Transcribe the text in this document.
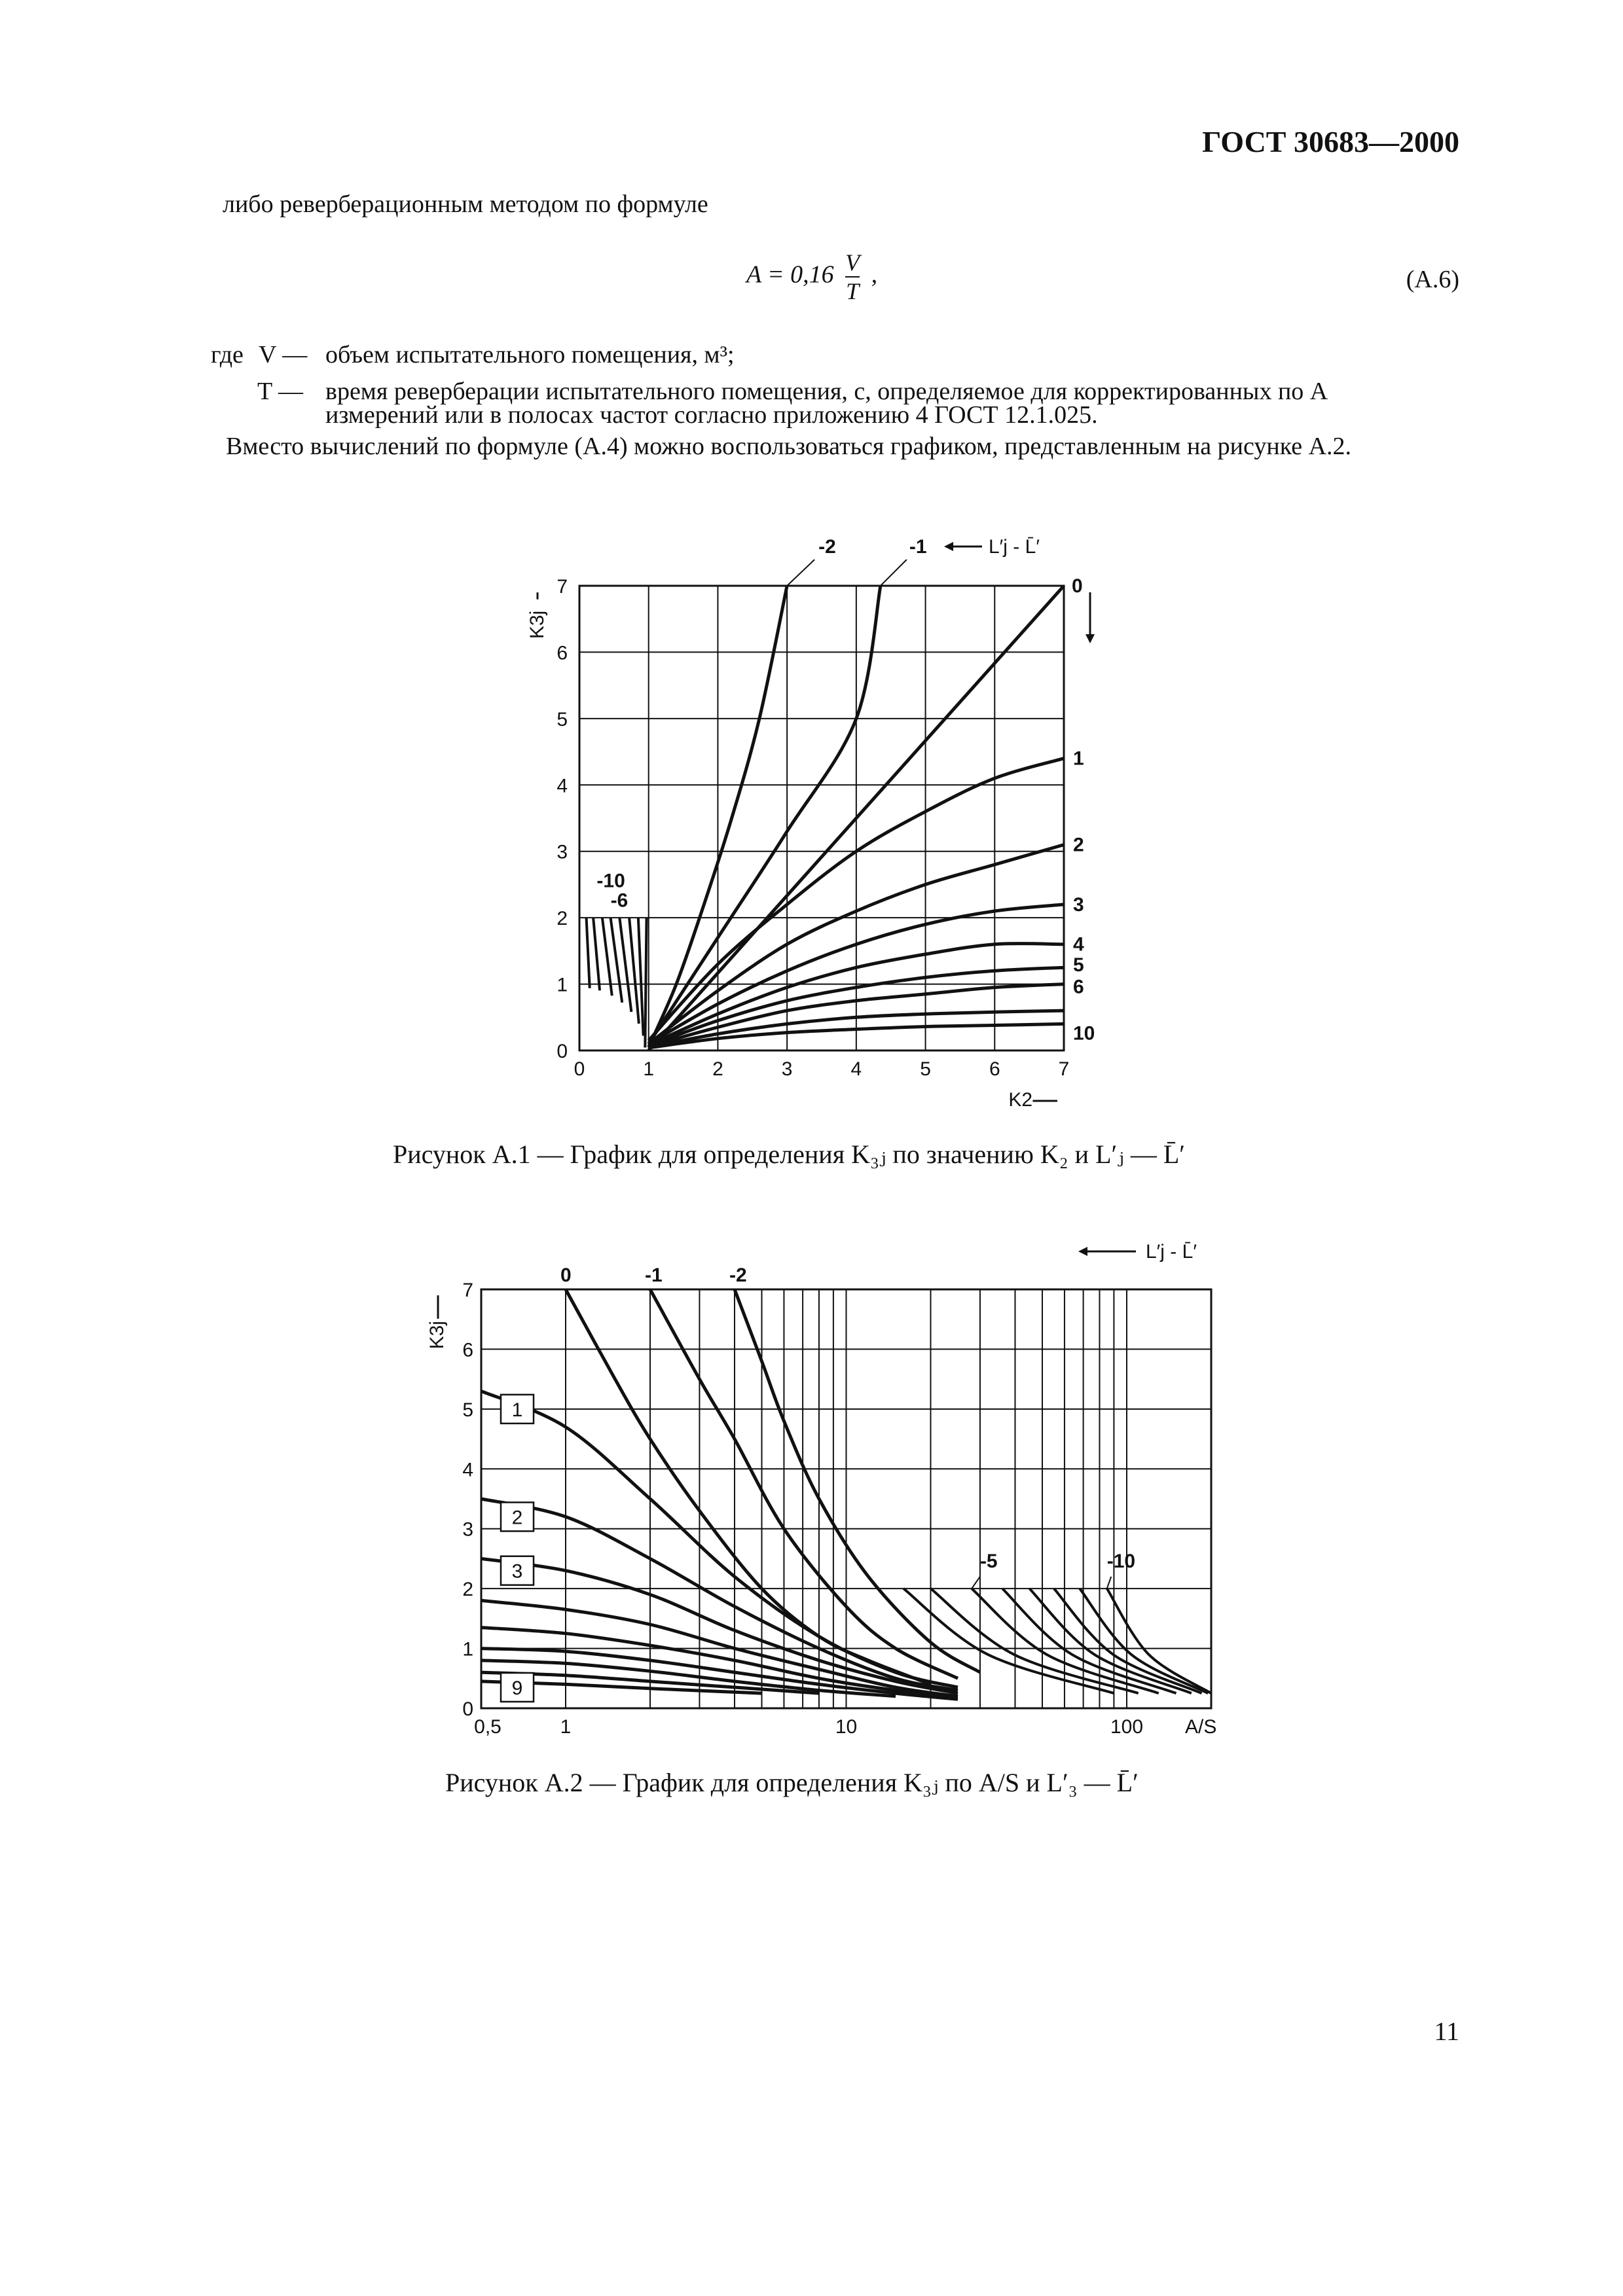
ГОСТ 30683—2000
либо реверберационным методом по формуле
$A = 0,16 \frac{V}{T}$ ,	(А.6)
где V — объем испытательного помещения, м³;
T — время реверберации испытательного помещения, с, определяемое для корректированных по A
измерений или в полосах частот согласно приложению 4 ГОСТ 12.1.025.
Вместо вычислений по формуле (А.4) можно воспользоваться графиком, представленным на рисунке А.2.
0	1	2	3	4	5	6	7
0
1
2
3
4
5
6
7
-2	-1
0
1
2
3
4
5
6
10
-10
-6
L′j - L̄′
K3j
K2
Рисунок А.1 — График для определения K₃ⱼ по значению K₂ и L′ⱼ — L̄′
0,5	1	10	100
0
1
2
3
4
5
6
7
A/S
0	-1	-2
-5	-10
1
2
3
9
L′j - L̄′
K3j
Рисунок А.2 — График для определения K₃ⱼ по A/S и L′₃ — L̄′
11
